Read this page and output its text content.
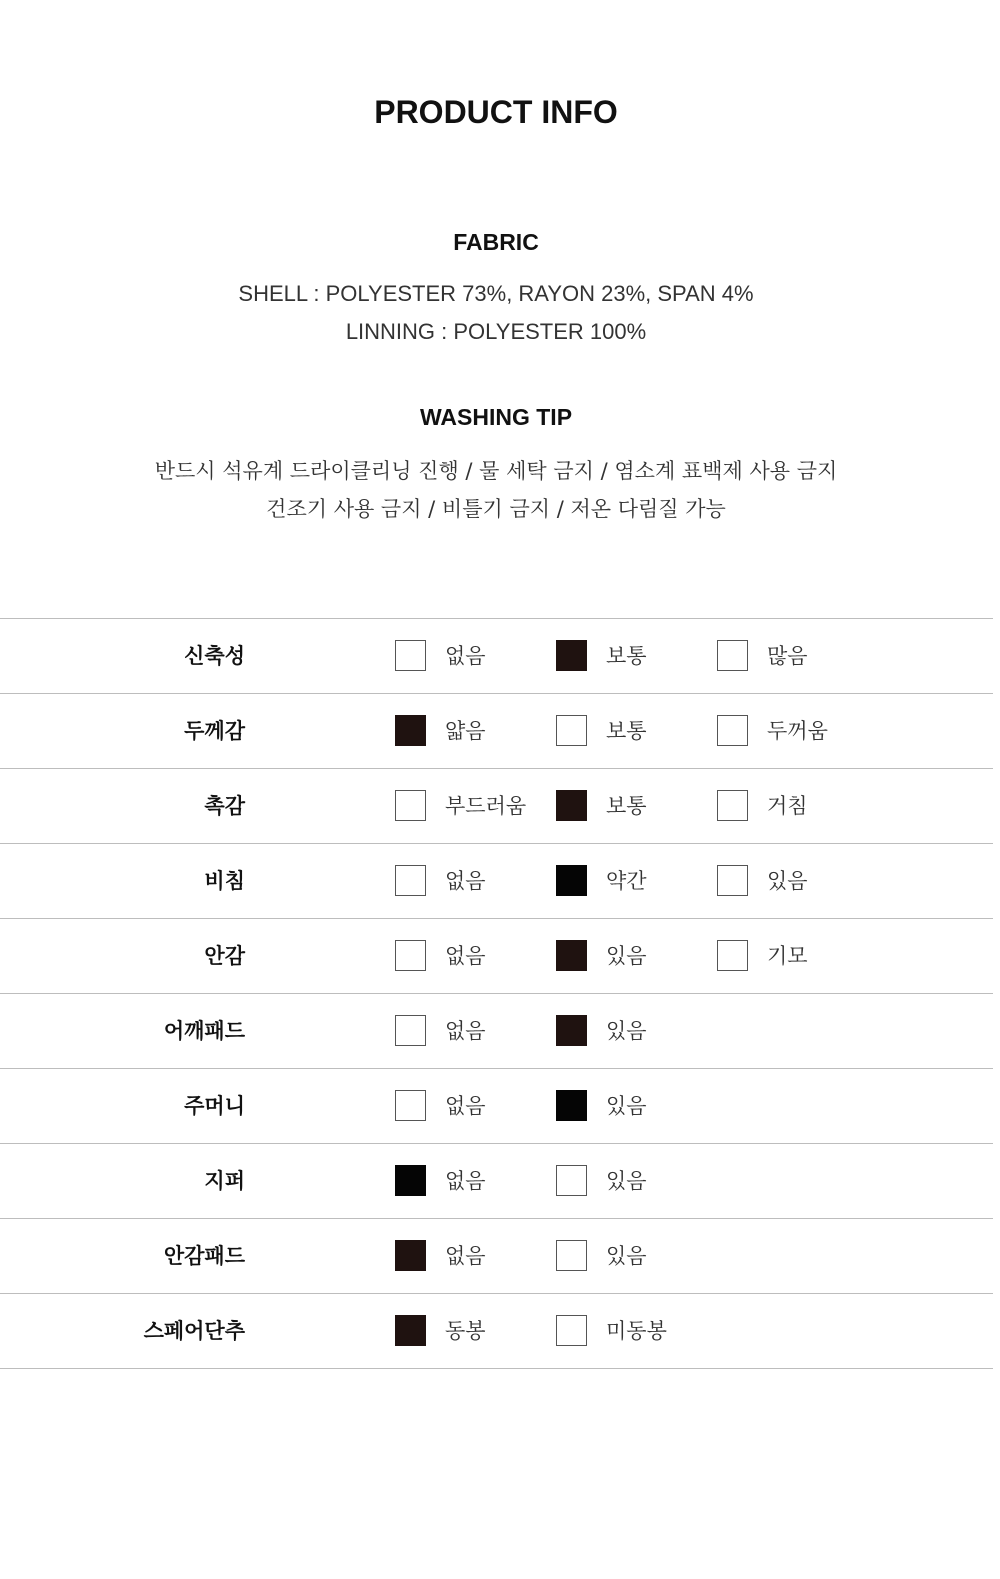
PRODUCT INFO
FABRIC
SHELL : POLYESTER 73%, RAYON 23%, SPAN 4%
LINNING : POLYESTER 100%
WASHING TIP
반드시 석유계 드라이클리닝 진행 / 물 세탁 금지 / 염소계 표백제 사용 금지
건조기 사용 금지 / 비틀기 금지 / 저온 다림질 가능
신축성	없음	보통	많음
두께감	얇음	보통	두꺼움
촉감	부드러움	보통	거침
비침	없음	약간	있음
안감	없음	있음	기모
어깨패드	없음	있음
주머니	없음	있음
지퍼	없음	있음
안감패드	없음	있음
스페어단추	동봉	미동봉
